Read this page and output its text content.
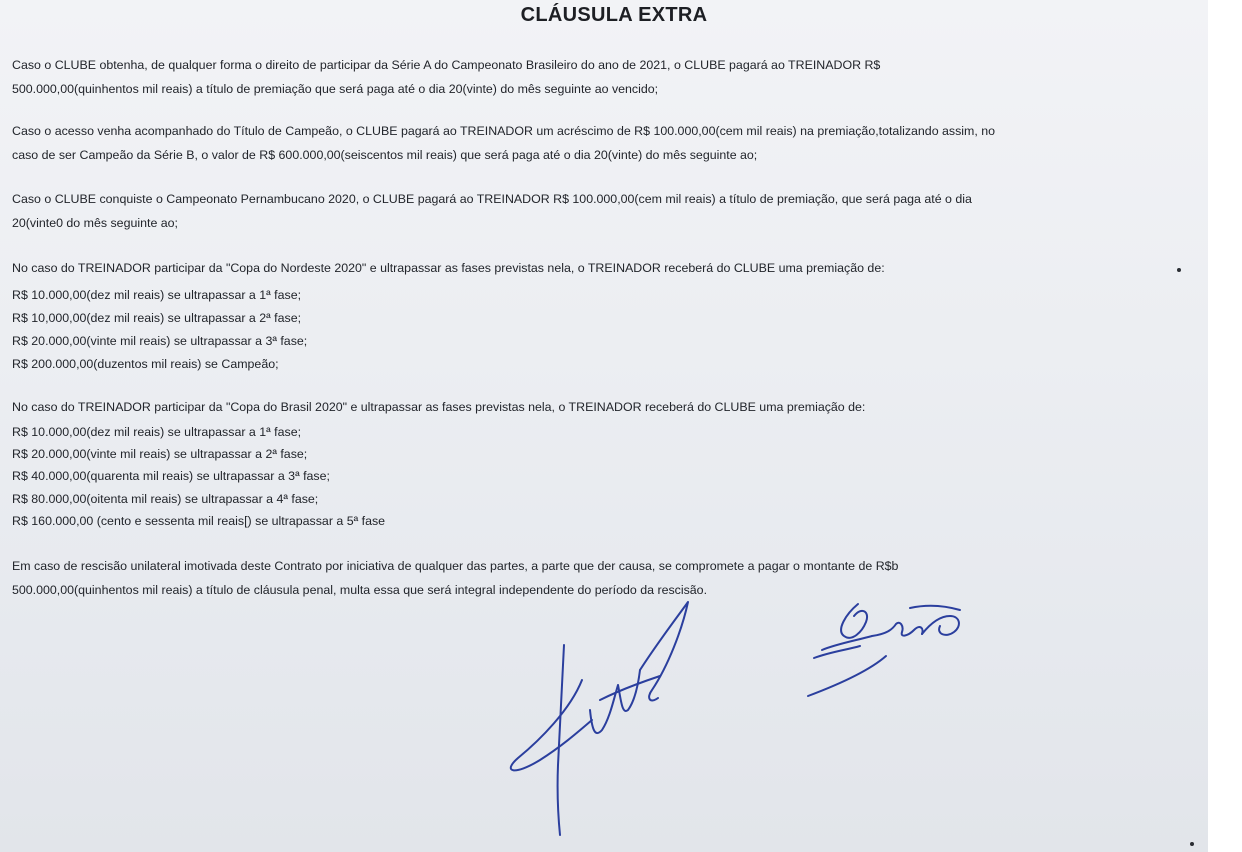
CLÁUSULA EXTRA
Caso o CLUBE obtenha, de qualquer forma o direito de participar da Série A do Campeonato Brasileiro do ano de 2021, o CLUBE pagará ao TREINADOR R$
500.000,00(quinhentos mil reais) a título de premiação que será paga até o dia 20(vinte) do mês seguinte ao vencido;
Caso o acesso venha acompanhado do Título de Campeão, o CLUBE pagará ao TREINADOR um acréscimo de R$ 100.000,00(cem mil reais) na premiação,totalizando assim, no
caso de ser Campeão da Série B, o valor de R$ 600.000,00(seiscentos mil reais) que será paga até o dia 20(vinte) do mês seguinte ao;
Caso o CLUBE conquiste o Campeonato Pernambucano 2020, o CLUBE pagará ao TREINADOR R$ 100.000,00(cem mil reais) a título de premiação, que será paga até o dia
20(vinte0 do mês seguinte ao;
No caso do TREINADOR participar da "Copa do Nordeste 2020" e ultrapassar as fases previstas nela, o TREINADOR receberá do CLUBE uma premiação de:
R$ 10.000,00(dez mil reais) se ultrapassar a 1ª fase;
R$ 10,000,00(dez mil reais) se ultrapassar a 2ª fase;
R$ 20.000,00(vinte mil reais) se ultrapassar a 3ª fase;
R$ 200.000,00(duzentos mil reais) se Campeão;
No caso do TREINADOR participar da "Copa do Brasil 2020" e ultrapassar as fases previstas nela, o TREINADOR receberá do CLUBE uma premiação de:
R$ 10.000,00(dez mil reais) se ultrapassar a 1ª fase;
R$ 20.000,00(vinte mil reais) se ultrapassar a 2ª fase;
R$ 40.000,00(quarenta mil reais) se ultrapassar a 3ª fase;
R$ 80.000,00(oitenta mil reais) se ultrapassar a 4ª fase;
R$ 160.000,00 (cento e sessenta mil reais[) se ultrapassar a 5ª fase
Em caso de rescisão unilateral imotivada deste Contrato por iniciativa de qualquer das partes, a parte que der causa, se compromete a pagar o montante de R$b
500.000,00(quinhentos mil reais) a título de cláusula penal, multa essa que será integral independente do período da rescisão.
